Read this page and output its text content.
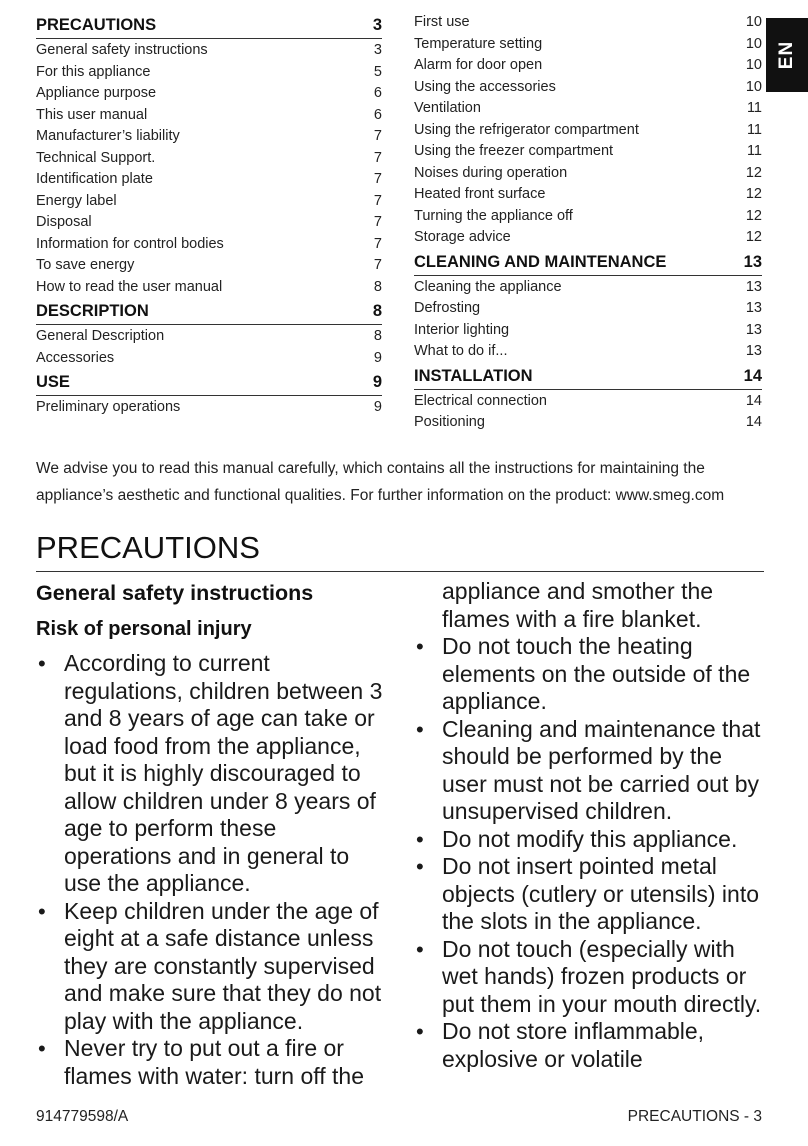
PRECAUTIONS	3
General safety instructions	3
For this appliance	5
Appliance purpose	6
This user manual	6
Manufacturer’s liability	7
Technical Support.	7
Identification plate	7
Energy label	7
Disposal	7
Information for control bodies	7
To save energy	7
How to read the user manual	8
DESCRIPTION	8
General Description	8
Accessories	9
USE	9
Preliminary operations	9
First use	10
Temperature setting	10
Alarm for door open	10
Using the accessories	10
Ventilation	11
Using the refrigerator compartment	11
Using the freezer compartment	11
Noises during operation	12
Heated front surface	12
Turning the appliance off	12
Storage advice	12
CLEANING AND MAINTENANCE	13
Cleaning the appliance	13
Defrosting	13
Interior lighting	13
What to do if...	13
INSTALLATION	14
Electrical connection	14
Positioning	14
EN

We advise you to read this manual carefully, which contains all the instructions for maintaining the appliance’s aesthetic and functional qualities. For further information on the product: www.smeg.com

PRECAUTIONS
General safety instructions
Risk of personal injury
• According to current regulations, children between 3 and 8 years of age can take or load food from the appliance, but it is highly discouraged to allow children under 8 years of age to perform these operations and in general to use the appliance.
• Keep children under the age of eight at a safe distance unless they are constantly supervised and make sure that they do not play with the appliance.
• Never try to put out a fire or flames with water: turn off the

appliance and smother the flames with a fire blanket.

• Do not touch the heating elements on the outside of the appliance.
• Cleaning and maintenance that should be performed by the user must not be carried out by unsupervised children.
• Do not modify this appliance.
• Do not insert pointed metal objects (cutlery or utensils) into the slots in the appliance.
• Do not touch (especially with wet hands) frozen products or put them in your mouth directly.
• Do not store inflammable, explosive or volatile
914779598/A	PRECAUTIONS - 3
